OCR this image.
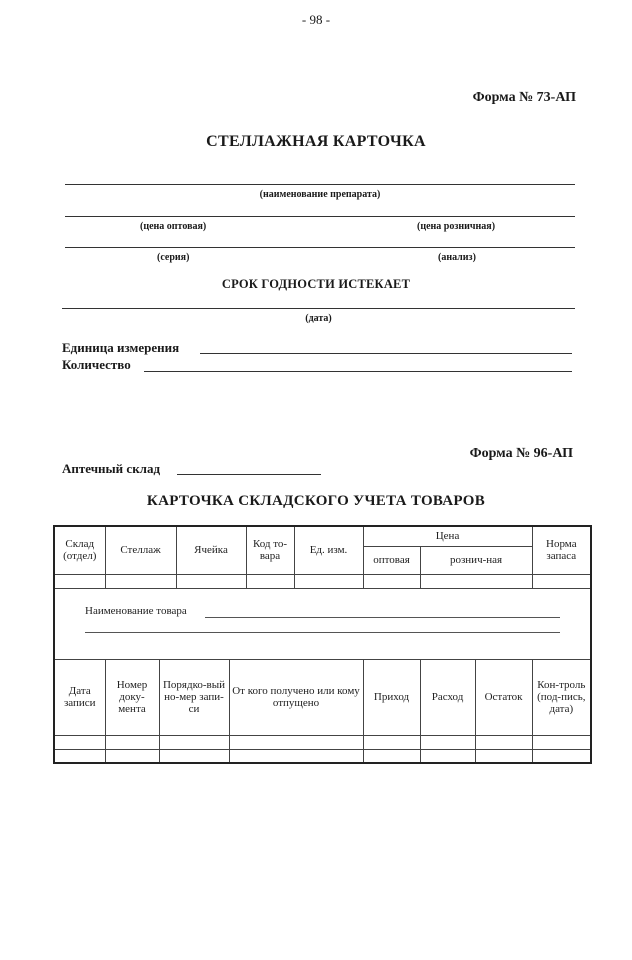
- 98 -
Форма № 73-АП
СТЕЛЛАЖНАЯ КАРТОЧКА
(наименование препарата)
(цена оптовая)	(цена розничная)
(серия)	(анализ)
СРОК ГОДНОСТИ ИСТЕКАЕТ
(дата)
Единица измерения
Количество
Форма № 96-АП
Аптечный склад
КАРТОЧКА СКЛАДСКОГО УЧЕТА ТОВАРОВ
Склад (отдел)	Стеллаж		Ячейка		Код то-вара	Ед. изм.	Цена			Норма запаса
							оптовая	рознич-ная		

Наименование товара										

Дата записи	Номер доку-мента	Порядко-вый но-мер запи-си		От кого получено или кому отпущено			Приход	Расход	Остаток	Кон-троль (под-пись, дата)
